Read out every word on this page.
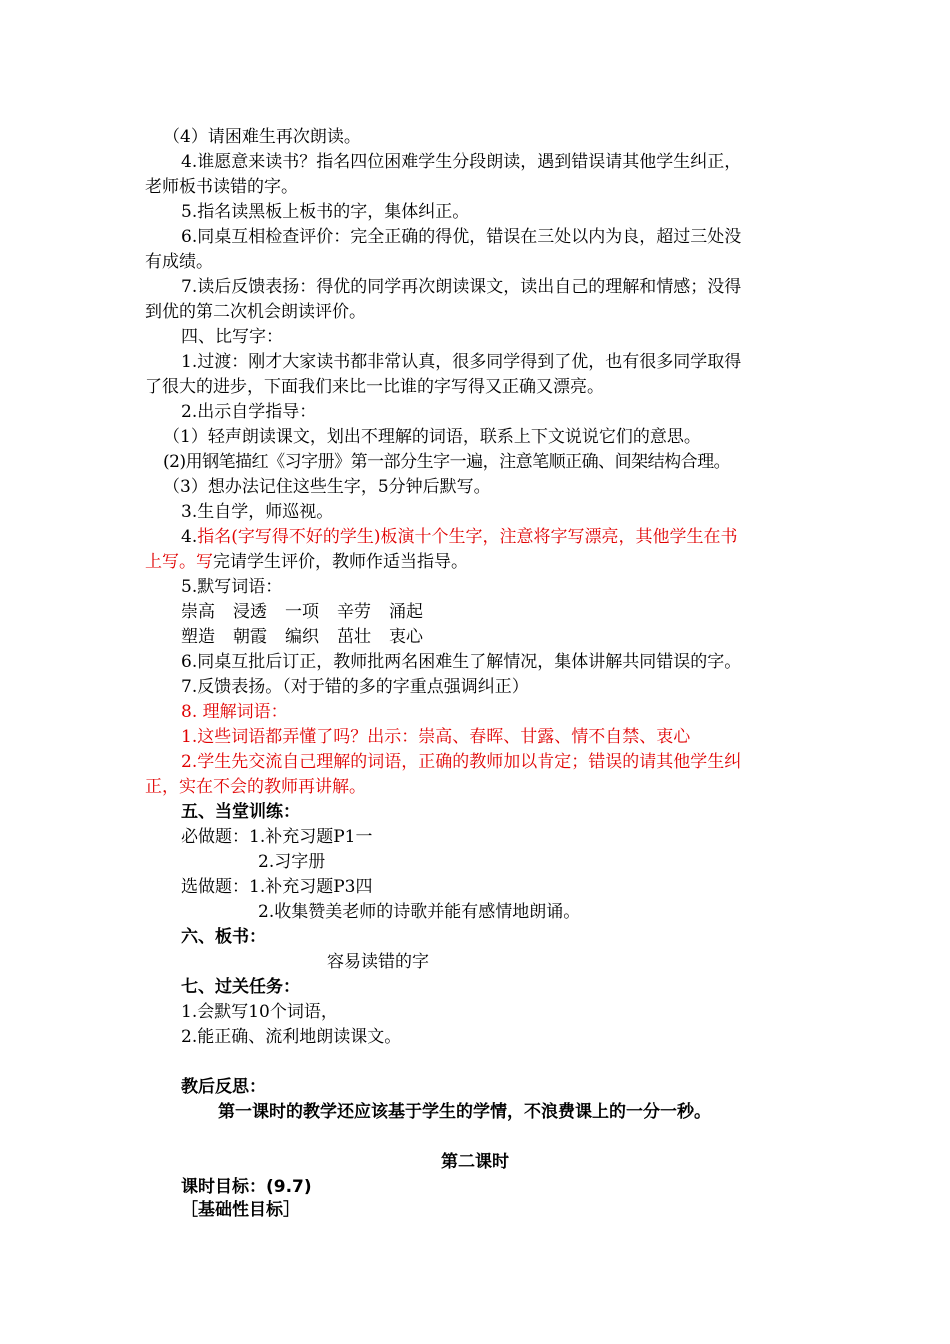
（4）请困难生再次朗读。
4.谁愿意来读书？指名四位困难学生分段朗读，遇到错误请其他学生纠正，
老师板书读错的字。
5.指名读黑板上板书的字，集体纠正。
6.同桌互相检查评价：完全正确的得优，错误在三处以内为良，超过三处没
有成绩。
7.读后反馈表扬：得优的同学再次朗读课文，读出自己的理解和情感；没得
到优的第二次机会朗读评价。
四、比写字：
1.过渡：刚才大家读书都非常认真，很多同学得到了优，也有很多同学取得
了很大的进步，下面我们来比一比谁的字写得又正确又漂亮。
2.出示自学指导：
（1）轻声朗读课文，划出不理解的词语，联系上下文说说它们的意思。
(2)用钢笔描红《习字册》第一部分生字一遍，注意笔顺正确、间架结构合理。
（3）想办法记住这些生字，5分钟后默写。
3.生自学，师巡视。
4.指名(字写得不好的学生)板演十个生字，注意将字写漂亮，其他学生在书
上写。写完请学生评价，教师作适当指导。
5.默写词语：
崇高 浸透 一项 辛劳 涌起
塑造 朝霞 编织 茁壮 衷心
6.同桌互批后订正，教师批两名困难生了解情况，集体讲解共同错误的字。
7.反馈表扬。（对于错的多的字重点强调纠正）
8. 理解词语：
1.这些词语都弄懂了吗？出示：崇高、春晖、甘露、情不自禁、衷心
2.学生先交流自己理解的词语，正确的教师加以肯定；错误的请其他学生纠
正，实在不会的教师再讲解。
五、当堂训练：
必做题：1.补充习题P1一
2.习字册
选做题：1.补充习题P3四
2.收集赞美老师的诗歌并能有感情地朗诵。
六、板书：
容易读错的字
七、过关任务：
1.会默写10个词语，
2.能正确、流利地朗读课文。
教后反思：
第一课时的教学还应该基于学生的学情，不浪费课上的一分一秒。
第二课时
课时目标：(9.7)
［基础性目标］
